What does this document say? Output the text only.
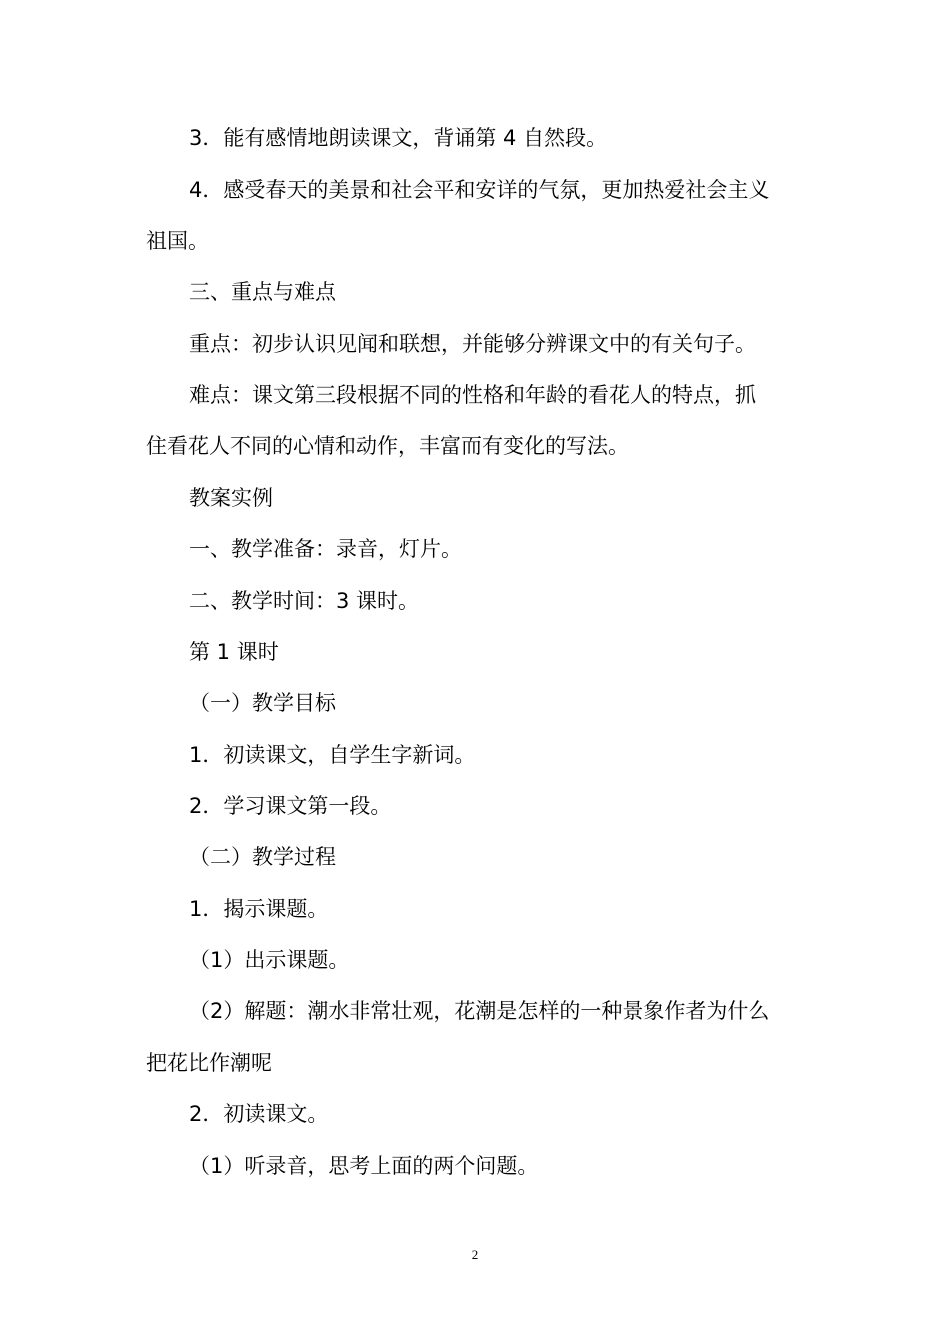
3．能有感情地朗读课文，背诵第 4 自然段。
4．感受春天的美景和社会平和安详的气氛，更加热爱社会主义
祖国。
三、重点与难点
重点：初步认识见闻和联想，并能够分辨课文中的有关句子。
难点：课文第三段根据不同的性格和年龄的看花人的特点，抓
住看花人不同的心情和动作，丰富而有变化的写法。
教案实例
一、教学准备：录音，灯片。
二、教学时间：3 课时。
第 1 课时
（一）教学目标
1．初读课文，自学生字新词。
2．学习课文第一段。
（二）教学过程
1．揭示课题。
（1）出示课题。
（2）解题：潮水非常壮观，花潮是怎样的一种景象作者为什么
把花比作潮呢
2．初读课文。
（1）听录音，思考上面的两个问题。
2
